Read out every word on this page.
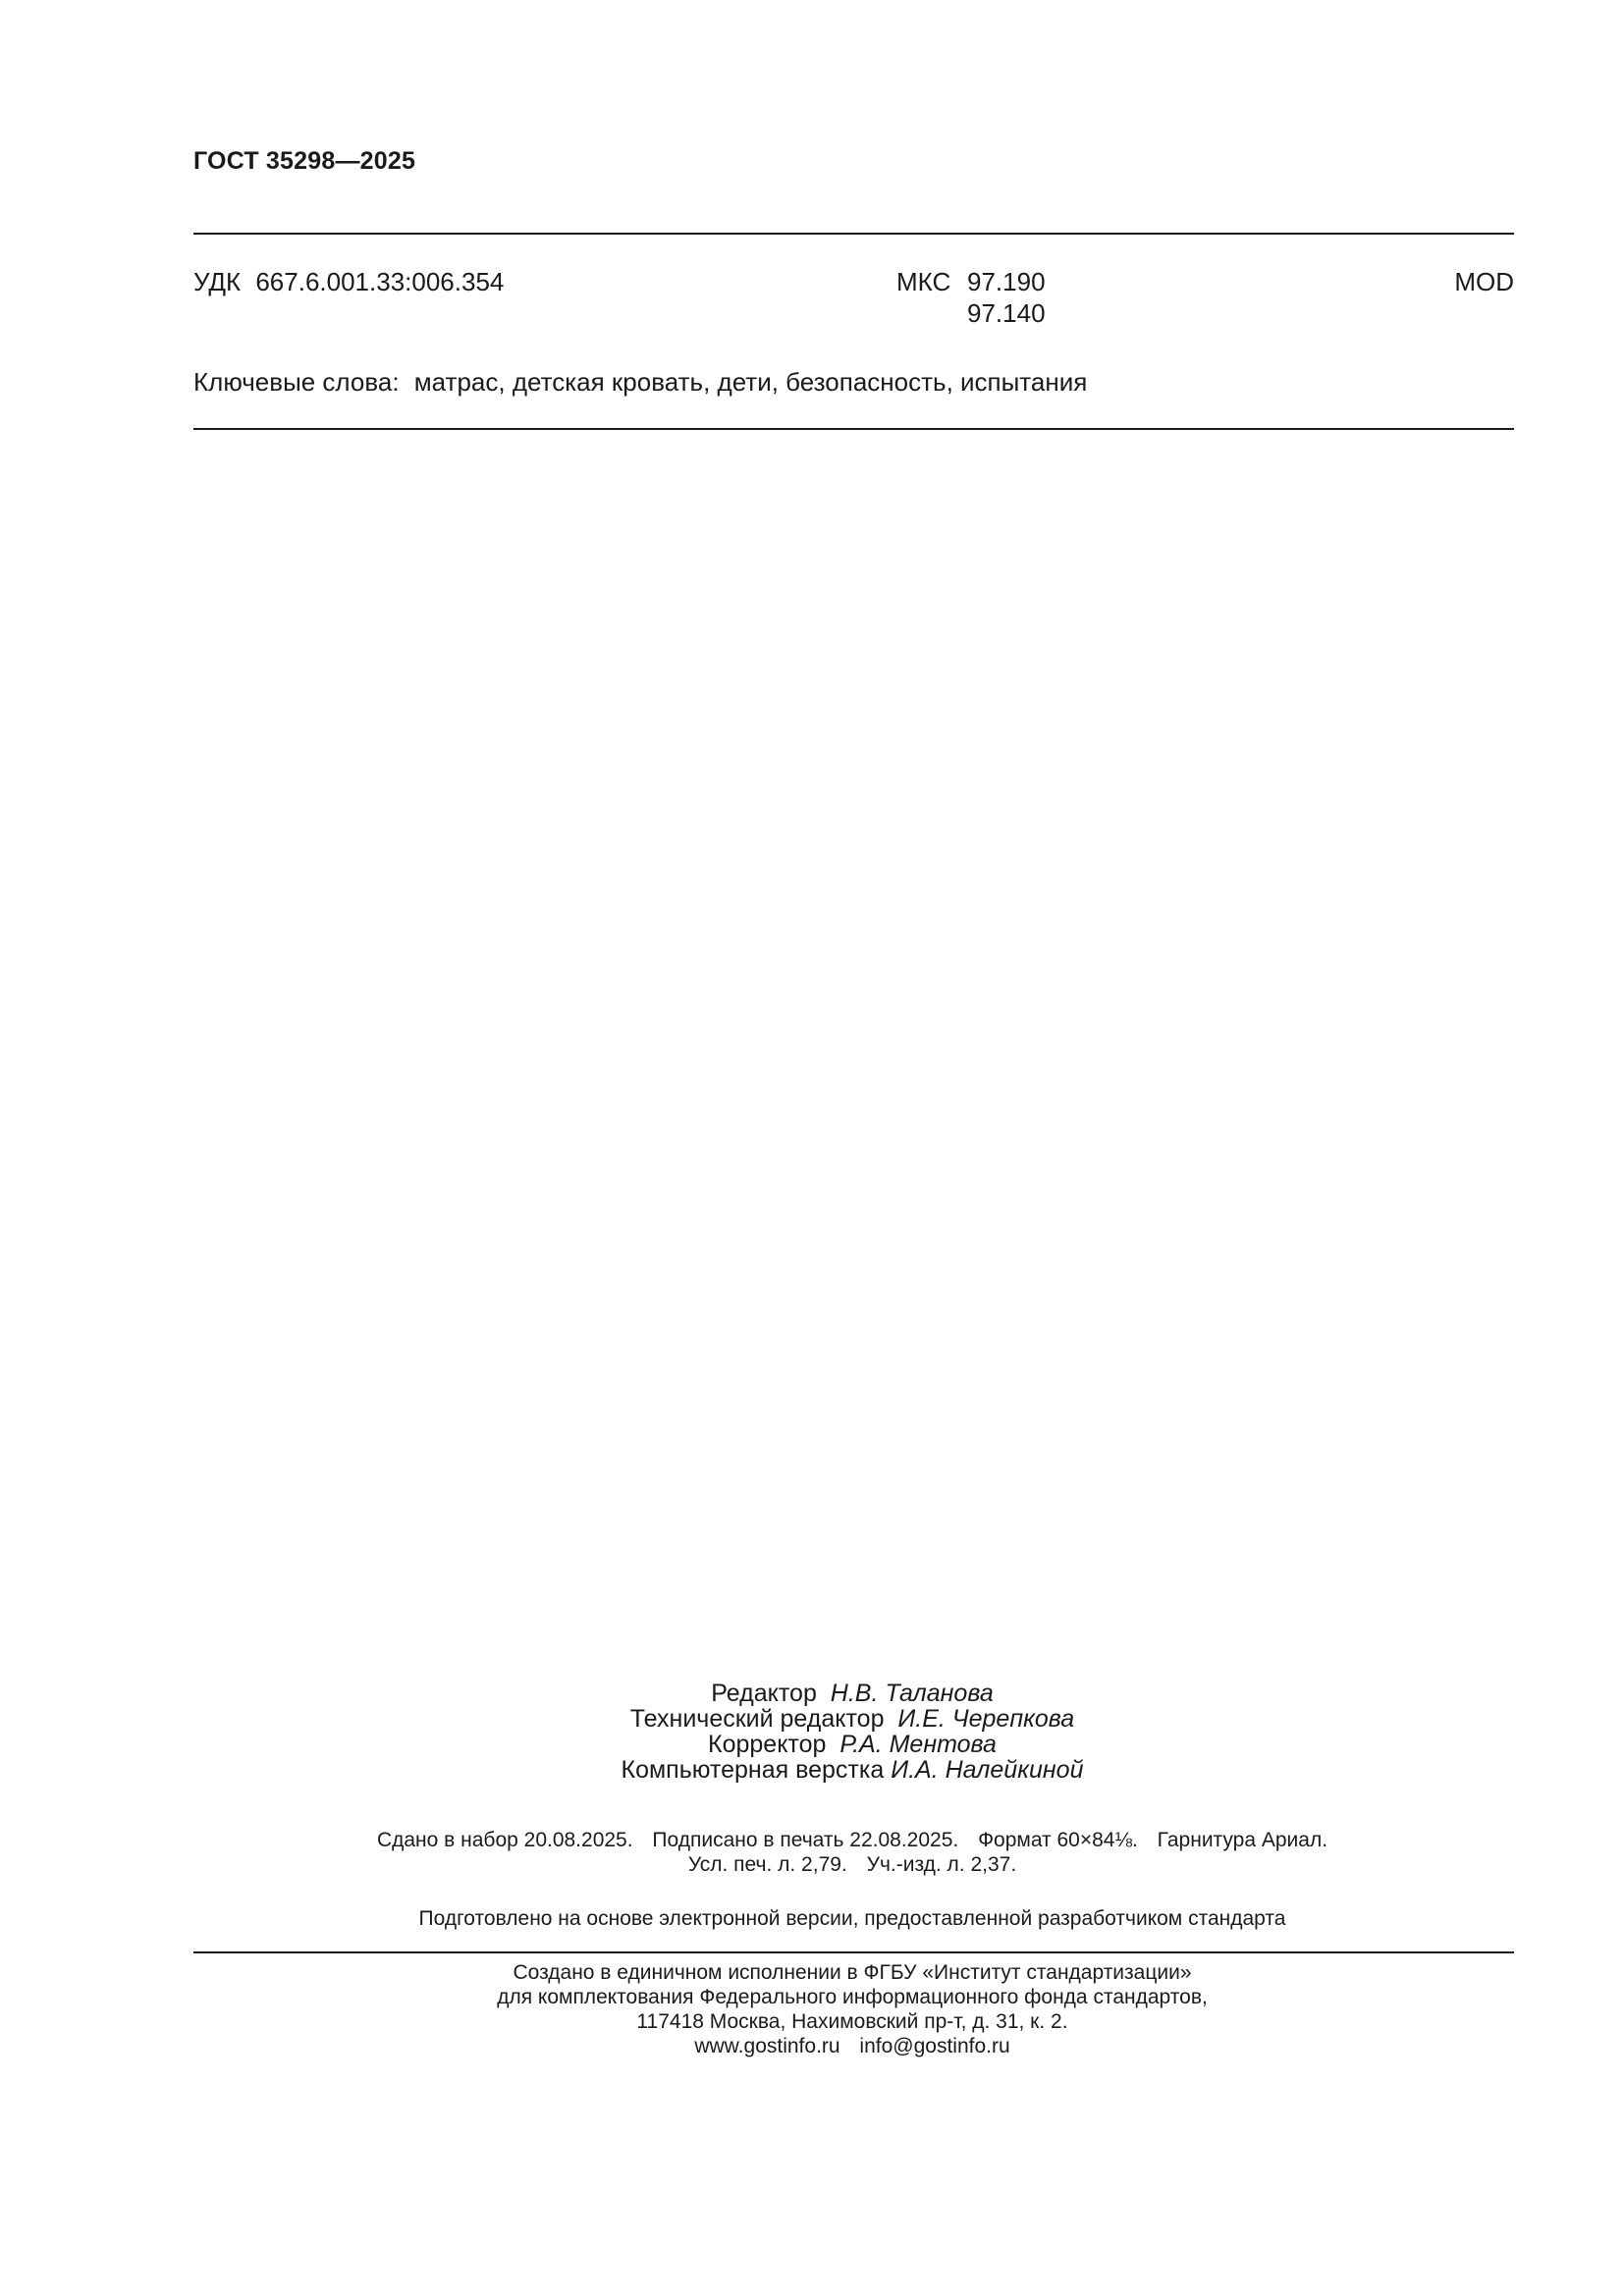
ГОСТ 35298—2025
УДК 667.6.001.33:006.354	МКС 97.190
97.140
MOD
Ключевые слова: матрас, детская кровать, дети, безопасность, испытания
Редактор Н.В. Таланова
Технический редактор И.Е. Черепкова
Корректор Р.А. Ментова
Компьютерная верстка И.А. Налейкиной
Сдано в набор 20.08.2025. Подписано в печать 22.08.2025. Формат 60×84⅛. Гарнитура Ариал.
Усл. печ. л. 2,79. Уч.-изд. л. 2,37.
Подготовлено на основе электронной версии, предоставленной разработчиком стандарта
Создано в единичном исполнении в ФГБУ «Институт стандартизации»
для комплектования Федерального информационного фонда стандартов,
117418 Москва, Нахимовский пр-т, д. 31, к. 2.
www.gostinfo.ru info@gostinfo.ru
